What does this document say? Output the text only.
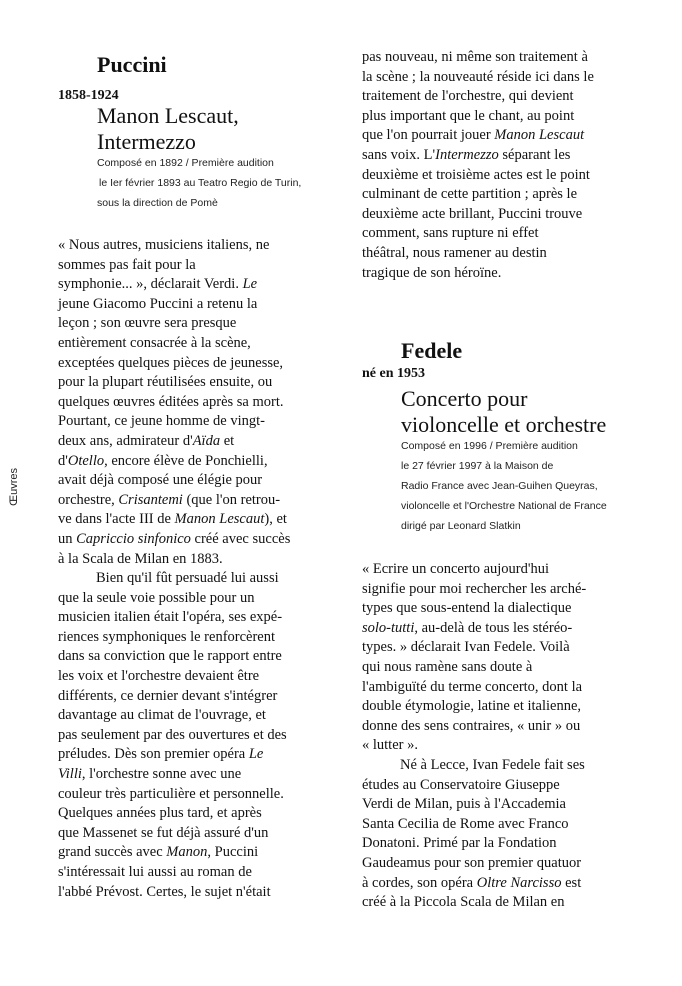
Œuvres
Puccini
1858-1924
Manon Lescaut,
Intermezzo
Composé en 1892 / Première audition
le Ier février 1893 au Teatro Regio de Turin,
sous la direction de Pomè
« Nous autres, musiciens italiens, ne
sommes pas fait pour la
symphonie... », déclarait Verdi. Le
jeune Giacomo Puccini a retenu la
leçon ; son œuvre sera presque
entièrement consacrée à la scène,
exceptées quelques pièces de jeunesse,
pour la plupart réutilisées ensuite, ou
quelques œuvres éditées après sa mort.
Pourtant, ce jeune homme de vingt-
deux ans, admirateur d'Aïda et
d'Otello, encore élève de Ponchielli,
avait déjà composé une élégie pour
orchestre, Crisantemi (que l'on retrou-
ve dans l'acte III de Manon Lescaut), et
un Capriccio sinfonico créé avec succès
à la Scala de Milan en 1883.
Bien qu'il fût persuadé lui aussi
que la seule voie possible pour un
musicien italien était l'opéra, ses expé-
riences symphoniques le renforcèrent
dans sa conviction que le rapport entre
les voix et l'orchestre devaient être
différents, ce dernier devant s'intégrer
davantage au climat de l'ouvrage, et
pas seulement par des ouvertures et des
préludes. Dès son premier opéra Le
Villi, l'orchestre sonne avec une
couleur très particulière et personnelle.
Quelques années plus tard, et après
que Massenet se fut déjà assuré d'un
grand succès avec Manon, Puccini
s'intéressait lui aussi au roman de
l'abbé Prévost. Certes, le sujet n'était
pas nouveau, ni même son traitement à
la scène ; la nouveauté réside ici dans le
traitement de l'orchestre, qui devient
plus important que le chant, au point
que l'on pourrait jouer Manon Lescaut
sans voix. L'Intermezzo séparant les
deuxième et troisième actes est le point
culminant de cette partition ; après le
deuxième acte brillant, Puccini trouve
comment, sans rupture ni effet
théâtral, nous ramener au destin
tragique de son héroïne.
Fedele
né en 1953
Concerto pour
violoncelle et orchestre
Composé en 1996 / Première audition
le 27 février 1997 à la Maison de
Radio France avec Jean-Guihen Queyras,
violoncelle et l'Orchestre National de France
dirigé par Leonard Slatkin
« Ecrire un concerto aujourd'hui
signifie pour moi rechercher les arché-
types que sous-entend la dialectique
solo-tutti, au-delà de tous les stéréo-
types. » déclarait Ivan Fedele. Voilà
qui nous ramène sans doute à
l'ambiguïté du terme concerto, dont la
double étymologie, latine et italienne,
donne des sens contraires, « unir » ou
« lutter ».
Né à Lecce, Ivan Fedele fait ses
études au Conservatoire Giuseppe
Verdi de Milan, puis à l'Accademia
Santa Cecilia de Rome avec Franco
Donatoni. Primé par la Fondation
Gaudeamus pour son premier quatuor
à cordes, son opéra Oltre Narcisso est
créé à la Piccola Scala de Milan en
